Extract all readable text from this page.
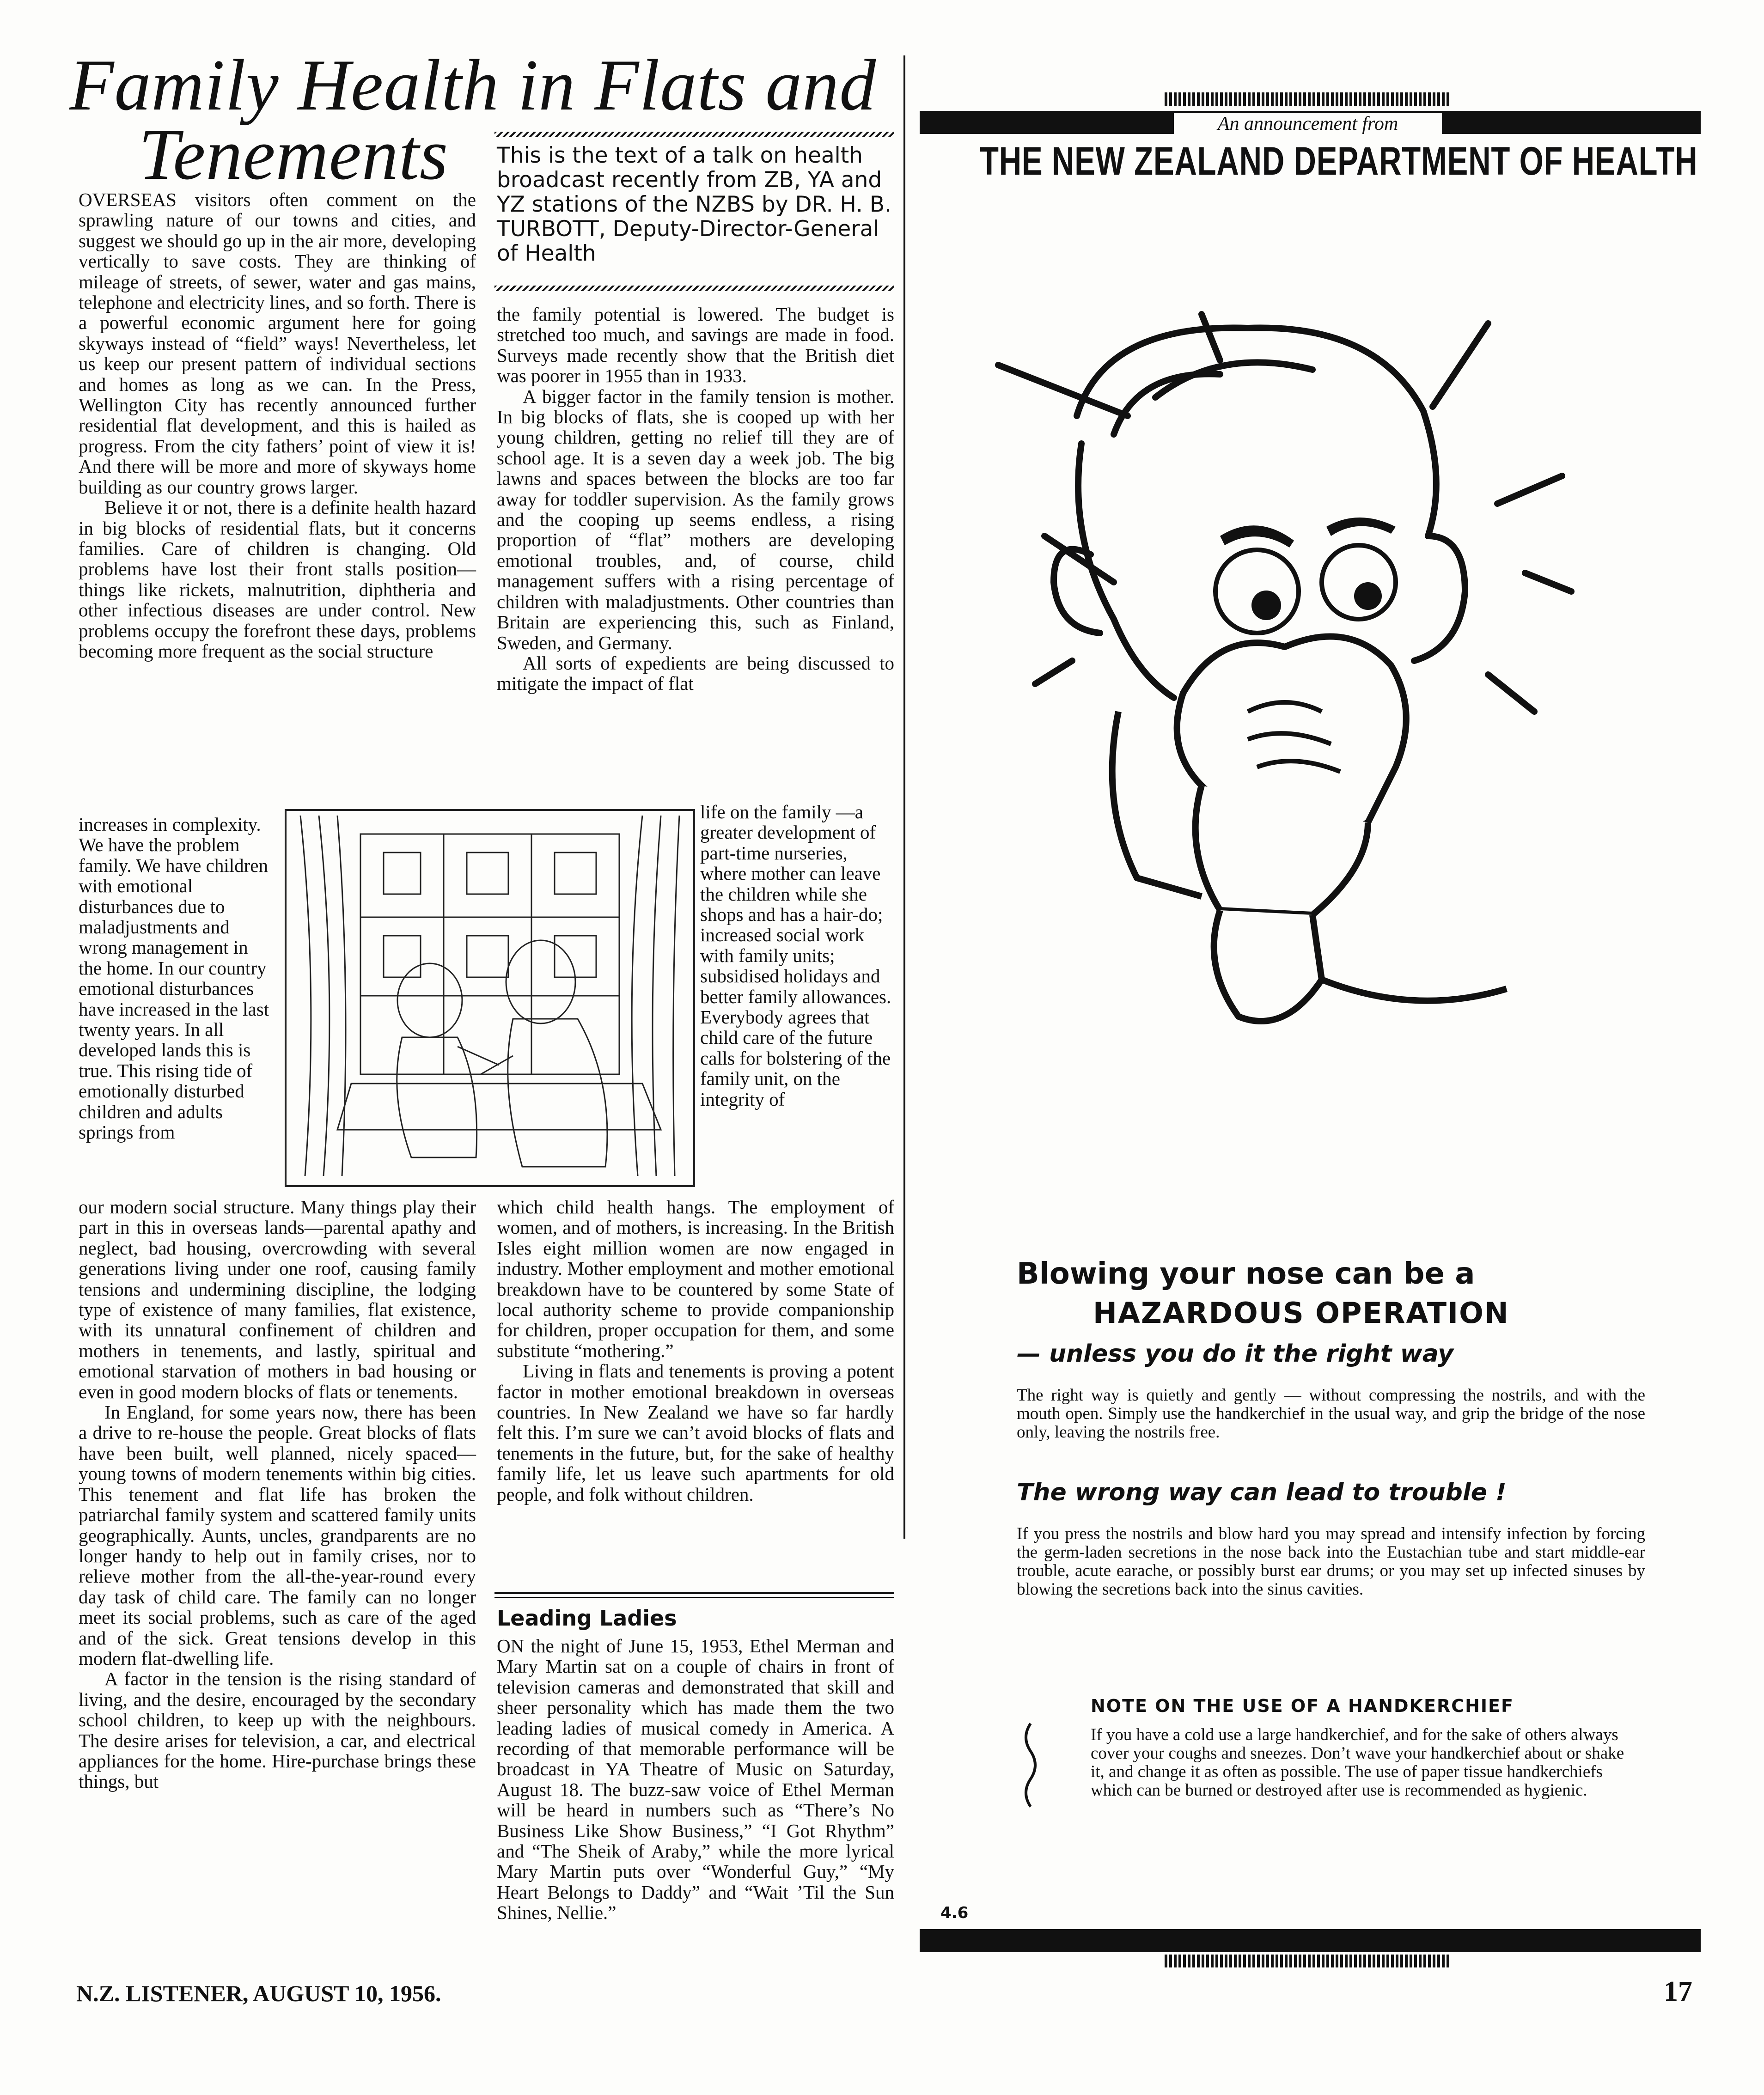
Family Health in Flats and
Tenements	This is the text of a talk on health broadcast recently from ZB, YA and YZ stations of the NZBS by DR. H. B. TURBOTT, Deputy-Director-General of Health

OVERSEAS visitors often comment on the sprawling nature of our towns and cities, and suggest we should go up in the air more, developing vertically to save costs. They are thinking of mileage of streets, of sewer, water and gas mains, telephone and electricity lines, and so forth. There is a powerful economic argument here for going skyways instead of “field” ways! Nevertheless, let us keep our present pattern of individual sections and homes as long as we can. In the Press, Wellington City has recently announced further residential flat development, and this is hailed as progress. From the city fathers’ point of view it is! And there will be more and more of skyways home building as our country grows larger.

Believe it or not, there is a definite health hazard in big blocks of residential flats, but it concerns families. Care of children is changing. Old problems have lost their front stalls position—things like rickets, malnutrition, diphtheria and other infectious diseases are under control. New problems occupy the forefront these days, problems becoming more frequent as the social structure

increases in complexity. We have the problem family. We have children with emotional disturbances due to maladjustments and wrong management in the home. In our country emotional disturbances have increased in the last twenty years. In all developed lands this is true. This rising tide of emotionally disturbed children and adults springs from

our modern social structure. Many things play their part in this in overseas lands—parental apathy and neglect, bad housing, overcrowding with several generations living under one roof, causing family tensions and undermining discipline, the lodging type of existence of many families, flat existence, with its unnatural confinement of children and mothers in tenements, and lastly, spiritual and emotional starvation of mothers in bad housing or even in good modern blocks of flats or tenements.

In England, for some years now, there has been a drive to re-house the people. Great blocks of flats have been built, well planned, nicely spaced—young towns of modern tenements within big cities. This tenement and flat life has broken the patriarchal family system and scattered family units geographically. Aunts, uncles, grandparents are no longer handy to help out in family crises, nor to relieve mother from the all-the-year-round every day task of child care. The family can no longer meet its social problems, such as care of the aged and of the sick. Great tensions develop in this modern flat-dwelling life.

A factor in the tension is the rising standard of living, and the desire, encouraged by the secondary school children, to keep up with the neighbours. The desire arises for television, a car, and electrical appliances for the home. Hire-purchase brings these things, but

the family potential is lowered. The budget is stretched too much, and savings are made in food. Surveys made recently show that the British diet was poorer in 1955 than in 1933.

A bigger factor in the family tension is mother. In big blocks of flats, she is cooped up with her young children, getting no relief till they are of school age. It is a seven day a week job. The big lawns and spaces between the blocks are too far away for toddler supervision. As the family grows and the cooping up seems endless, a rising proportion of “flat” mothers are developing emotional troubles, and, of course, child management suffers with a rising percentage of children with maladjustments. Other countries than Britain are experiencing this, such as Finland, Sweden, and Germany.

All sorts of expedients are being discussed to mitigate the impact of flat

life on the family —a greater development of part-time nurseries, where mother can leave the children while she shops and has a hair-do; increased social work with family units; subsidised holidays and better family allowances. Everybody agrees that child care of the future calls for bolstering of the family unit, on the integrity of

which child health hangs. The employment of women, and of mothers, is increasing. In the British Isles eight million women are now engaged in industry. Mother employment and mother emotional breakdown have to be countered by some State of local authority scheme to provide companionship for children, proper occupation for them, and some substitute “mothering.”

Living in flats and tenements is proving a potent factor in mother emotional breakdown in overseas countries. In New Zealand we have so far hardly felt this. I’m sure we can’t avoid blocks of flats and tenements in the future, but, for the sake of healthy family life, let us leave such apartments for old people, and folk without children.

Leading Ladies

ON the night of June 15, 1953, Ethel Merman and Mary Martin sat on a couple of chairs in front of television cameras and demonstrated that skill and sheer personality which has made them the two leading ladies of musical comedy in America. A recording of that memorable performance will be broadcast in YA Theatre of Music on Saturday, August 18. The buzz-saw voice of Ethel Merman will be heard in numbers such as “There’s No Business Like Show Business,” “I Got Rhythm” and “The Sheik of Araby,” while the more lyrical Mary Martin puts over “Wonderful Guy,” “My Heart Belongs to Daddy” and “Wait ’Til the Sun Shines, Nellie.”

N.Z. LISTENER, AUGUST 10, 1956.	17
An announcement from
THE NEW ZEALAND DEPARTMENT OF HEALTH
Blowing your nose can be a
HAZARDOUS OPERATION
— unless you do it the right way
The right way is quietly and gently — without compressing the nostrils, and with the mouth open. Simply use the handkerchief in the usual way, and grip the bridge of the nose only, leaving the nostrils free.
The wrong way can lead to trouble !
If you press the nostrils and blow hard you may spread and intensify infection by forcing the germ-laden secretions in the nose back into the Eustachian tube and start middle-ear trouble, acute earache, or possibly burst ear drums; or you may set up infected sinuses by blowing the secretions back into the sinus cavities.
NOTE ON THE USE OF A HANDKERCHIEF
If you have a cold use a large handkerchief, and for the sake of others always cover your coughs and sneezes. Don’t wave your handkerchief about or shake it, and change it as often as possible. The use of paper tissue handkerchiefs which can be burned or destroyed after use is recommended as hygienic.
4.6
